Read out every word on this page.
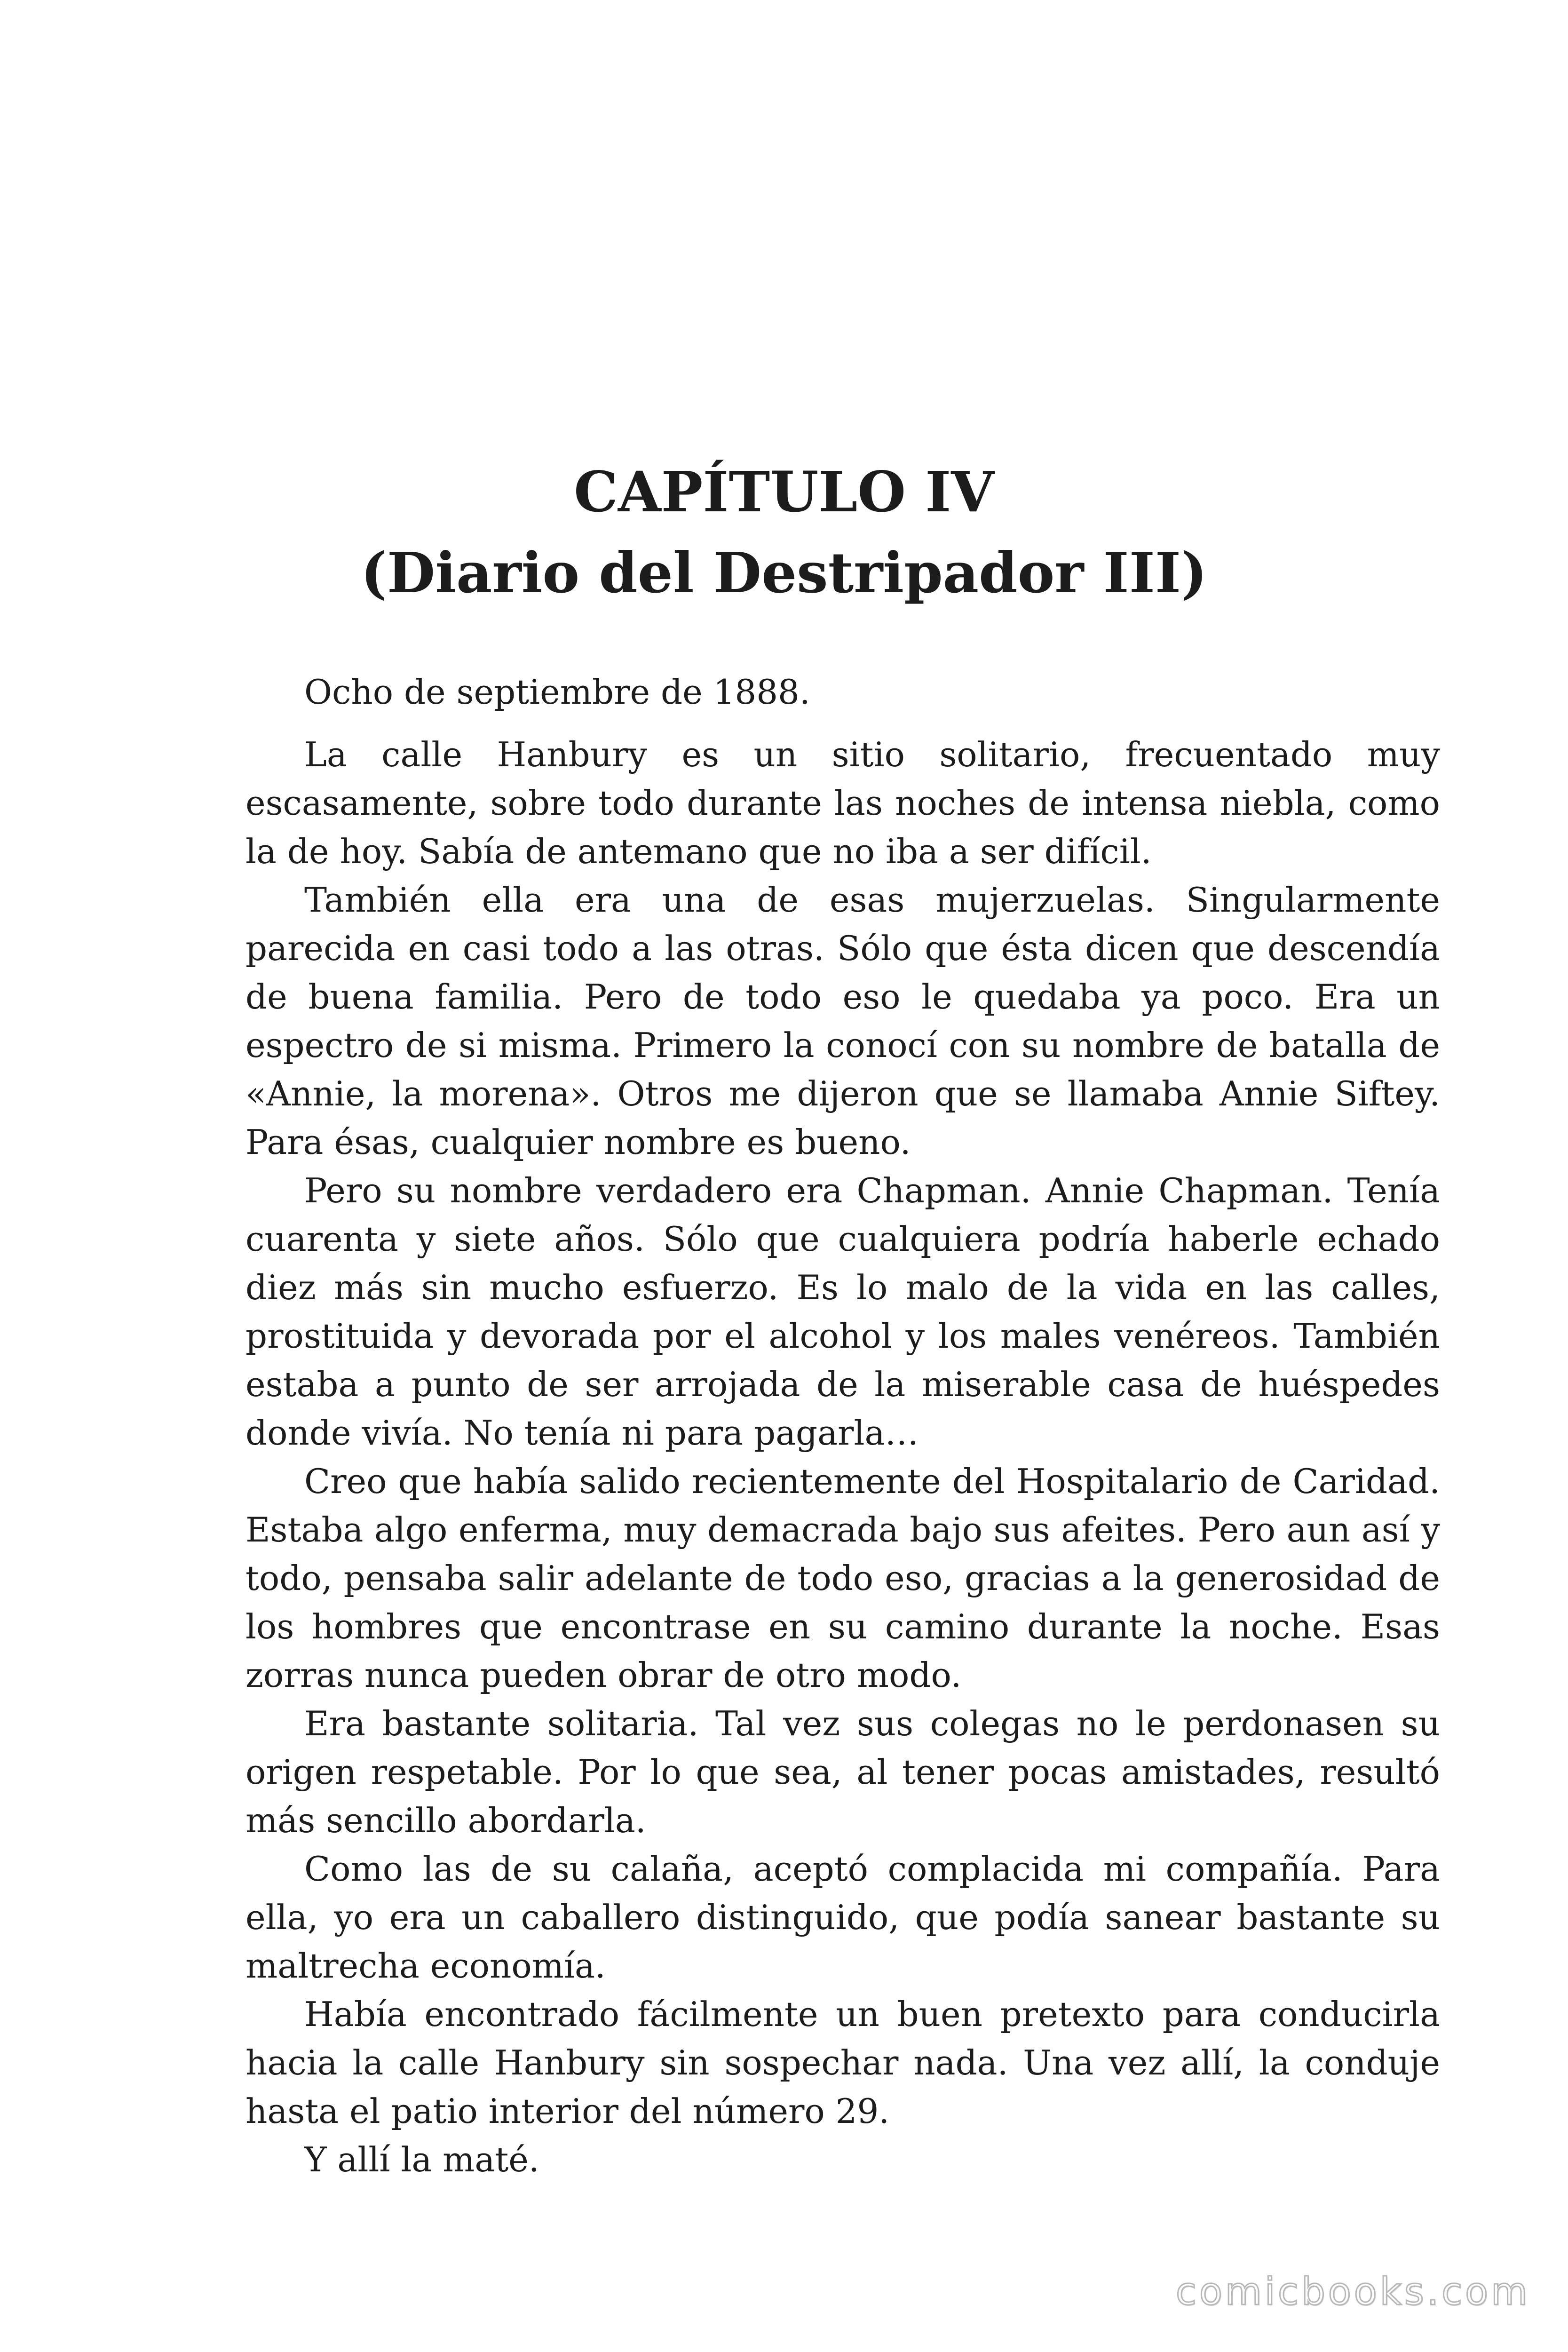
CAPÍTULO IV
(Diario del Destripador III)

Ocho de septiembre de 1888.

La calle Hanbury es un sitio solitario, frecuentado muy escasamente, sobre todo durante las noches de intensa niebla, como la de hoy. Sabía de antemano que no iba a ser difícil.

También ella era una de esas mujerzuelas. Singularmente parecida en casi todo a las otras. Sólo que ésta dicen que descendía de buena familia. Pero de todo eso le quedaba ya poco. Era un espectro de si misma. Primero la conocí con su nombre de batalla de «Annie, la morena». Otros me dijeron que se llamaba Annie Siftey. Para ésas, cualquier nombre es bueno.

Pero su nombre verdadero era Chapman. Annie Chapman. Tenía cuarenta y siete años. Sólo que cualquiera podría haberle echado diez más sin mucho esfuerzo. Es lo malo de la vida en las calles, prostituida y devorada por el alcohol y los males venéreos. También estaba a punto de ser arrojada de la miserable casa de huéspedes donde vivía. No tenía ni para pagarla…

Creo que había salido recientemente del Hospitalario de Caridad. Estaba algo enferma, muy demacrada bajo sus afeites. Pero aun así y todo, pensaba salir adelante de todo eso, gracias a la generosidad de los hombres que encontrase en su camino durante la noche. Esas zorras nunca pueden obrar de otro modo.

Era bastante solitaria. Tal vez sus colegas no le perdonasen su origen respetable. Por lo que sea, al tener pocas amistades, resultó más sencillo abordarla.

Como las de su calaña, aceptó complacida mi compañía. Para ella, yo era un caballero distinguido, que podía sanear bastante su maltrecha economía.

Había encontrado fácilmente un buen pretexto para conducirla hacia la calle Hanbury sin sospechar nada. Una vez allí, la conduje hasta el patio interior del número 29.

Y allí la maté.

comicbooks.com
